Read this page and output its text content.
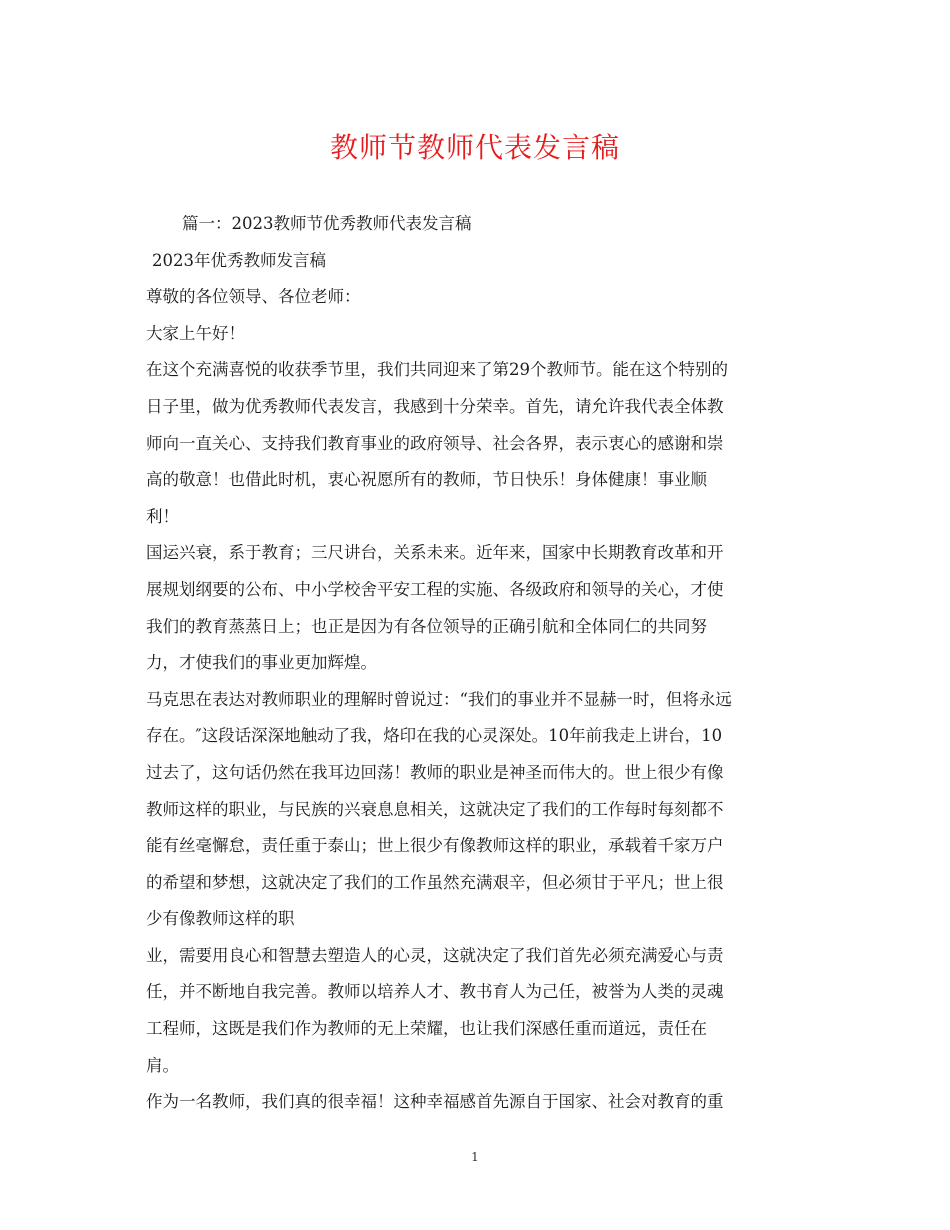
教师节教师代表发言稿
篇一：2023教师节优秀教师代表发言稿
2023年优秀教师发言稿
尊敬的各位领导、各位老师：
大家上午好！
在这个充满喜悦的收获季节里，我们共同迎来了第29个教师节。能在这个特别的
日子里，做为优秀教师代表发言，我感到十分荣幸。首先，请允许我代表全体教
师向一直关心、支持我们教育事业的政府领导、社会各界，表示衷心的感谢和崇
高的敬意！也借此时机，衷心祝愿所有的教师，节日快乐！身体健康！事业顺
利！
国运兴衰，系于教育；三尺讲台，关系未来。近年来，国家中长期教育改革和开
展规划纲要的公布、中小学校舍平安工程的实施、各级政府和领导的关心，才使
我们的教育蒸蒸日上；也正是因为有各位领导的正确引航和全体同仁的共同努
力，才使我们的事业更加辉煌。
马克思在表达对教师职业的理解时曾说过：“我们的事业并不显赫一时，但将永远
存在。″这段话深深地触动了我，烙印在我的心灵深处。10年前我走上讲台，10
过去了，这句话仍然在我耳边回荡！教师的职业是神圣而伟大的。世上很少有像
教师这样的职业，与民族的兴衰息息相关，这就决定了我们的工作每时每刻都不
能有丝毫懈怠，责任重于泰山；世上很少有像教师这样的职业，承载着千家万户
的希望和梦想，这就决定了我们的工作虽然充满艰辛，但必须甘于平凡；世上很
少有像教师这样的职
业，需要用良心和智慧去塑造人的心灵，这就决定了我们首先必须充满爱心与责
任，并不断地自我完善。教师以培养人才、教书育人为己任，被誉为人类的灵魂
工程师，这既是我们作为教师的无上荣耀，也让我们深感任重而道远，责任在
肩。
作为一名教师，我们真的很幸福！这种幸福感首先源自于国家、社会对教育的重
1
